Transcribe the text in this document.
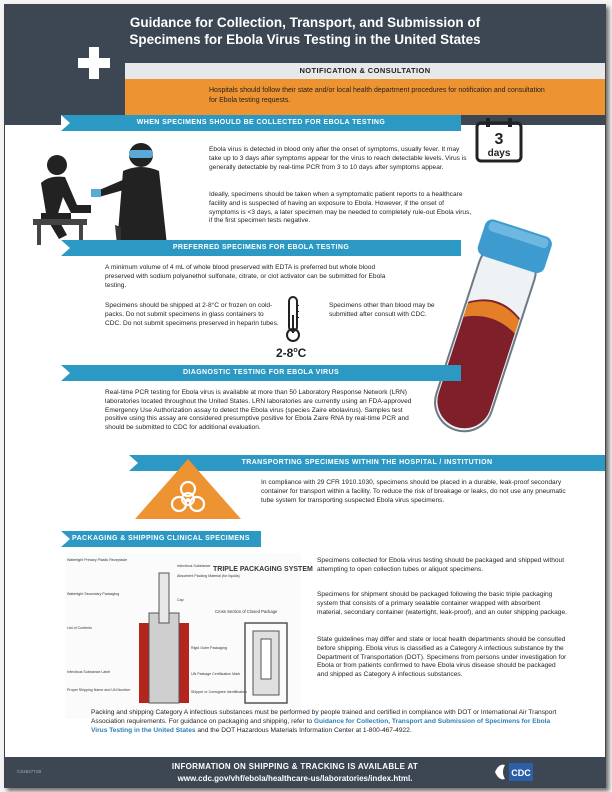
Guidance for Collection, Transport, and Submission of
Specimens for Ebola Virus Testing in the United States
NOTIFICATION & CONSULTATION
Hospitals should follow their state and/or local health department procedures for notification and consultation for Ebola testing requests.
WHEN SPECIMENS SHOULD BE COLLECTED FOR EBOLA TESTING

Ebola virus is detected in blood only after the onset of symptoms, usually fever. It may take up to 3 days after symptoms appear for the virus to reach detectable levels. Virus is generally detectable by real-time PCR from 3 to 10 days after symptoms appear.

Ideally, specimens should be taken when a symptomatic patient reports to a healthcare facility and is suspected of having an exposure to Ebola. However, if the onset of symptoms is <3 days, a later specimen may be needed to completely rule-out Ebola virus, if the first specimen tests negative.

3
days
PREFERRED SPECIMENS FOR EBOLA TESTING

A minimum volume of 4 mL of whole blood preserved with EDTA is preferred but whole blood preserved with sodium polyanethol sulfonate, citrate, or clot activator can be submitted for Ebola testing.

Specimens should be shipped at 2-8°C or frozen on cold-packs. Do not submit specimens in glass containers to CDC. Do not submit specimens preserved in heparin tubes.

Specimens other than blood may be submitted after consult with CDC.

2-8$^o$C
DIAGNOSTIC TESTING FOR EBOLA VIRUS

Real-time PCR testing for Ebola virus is available at more than 50 Laboratory Response Network (LRN) laboratories located throughout the United States. LRN laboratories are currently using an FDA-approved Emergency Use Authorization assay to detect the Ebola virus (species Zaire ebolavirus). Samples test positive using this assay are considered presumptive positive for Ebola Zaire RNA by real-time PCR and should be submitted to CDC for additional evaluation.

TRANSPORTING SPECIMENS WITHIN THE HOSPITAL / INSTITUTION

In compliance with 29 CFR 1910.1030, specimens should be placed in a durable, leak-proof secondary container for transport within a facility. To reduce the risk of breakage or leaks, do not use any pneumatic tube system for transporting suspected Ebola virus specimens.

PACKAGING & SHIPPING CLINICAL SPECIMENS
TRIPLE PACKAGING SYSTEM
Cross Section of Closed Package
Watertight Primary Plastic Receptacle
Watertight Secondary Packaging
List of Contents
Infectious Substance Label
Proper Shipping Name and UN Number
Infectious Substance
Absorbent Packing Material (for liquids)
Cap
Rigid Outer Packaging
UN Package Certification Mark
Shipper or Consignee Identification

Specimens collected for Ebola virus testing should be packaged and shipped without attempting to open collection tubes or aliquot specimens.

Specimens for shipment should be packaged following the basic triple packaging system that consists of a primary sealable container wrapped with absorbent material, secondary container (watertight, leak-proof), and an outer shipping package.

State guidelines may differ and state or local health departments should be consulted before shipping. Ebola virus is classified as a Category A infectious substance by the Department of Transportation (DOT). Specimens from persons under investigation for Ebola or from patients confirmed to have Ebola virus disease should be packaged and shipped as Category A infectious substances.

Packing and shipping Category A infectious substances must be performed by people trained and certified in compliance with DOT or International Air Transport Association requirements. For guidance on packaging and shipping, refer to Guidance for Collection, Transport and Submission of Specimens for Ebola Virus Testing in the United States and the DOT Hazardous Materials Information Center at 1-800-467-4922.

CS252771B
INFORMATION ON SHIPPING & TRACKING IS AVAILABLE AT
www.cdc.gov/vhf/ebola/healthcare-us/laboratories/index.html.
CDC
